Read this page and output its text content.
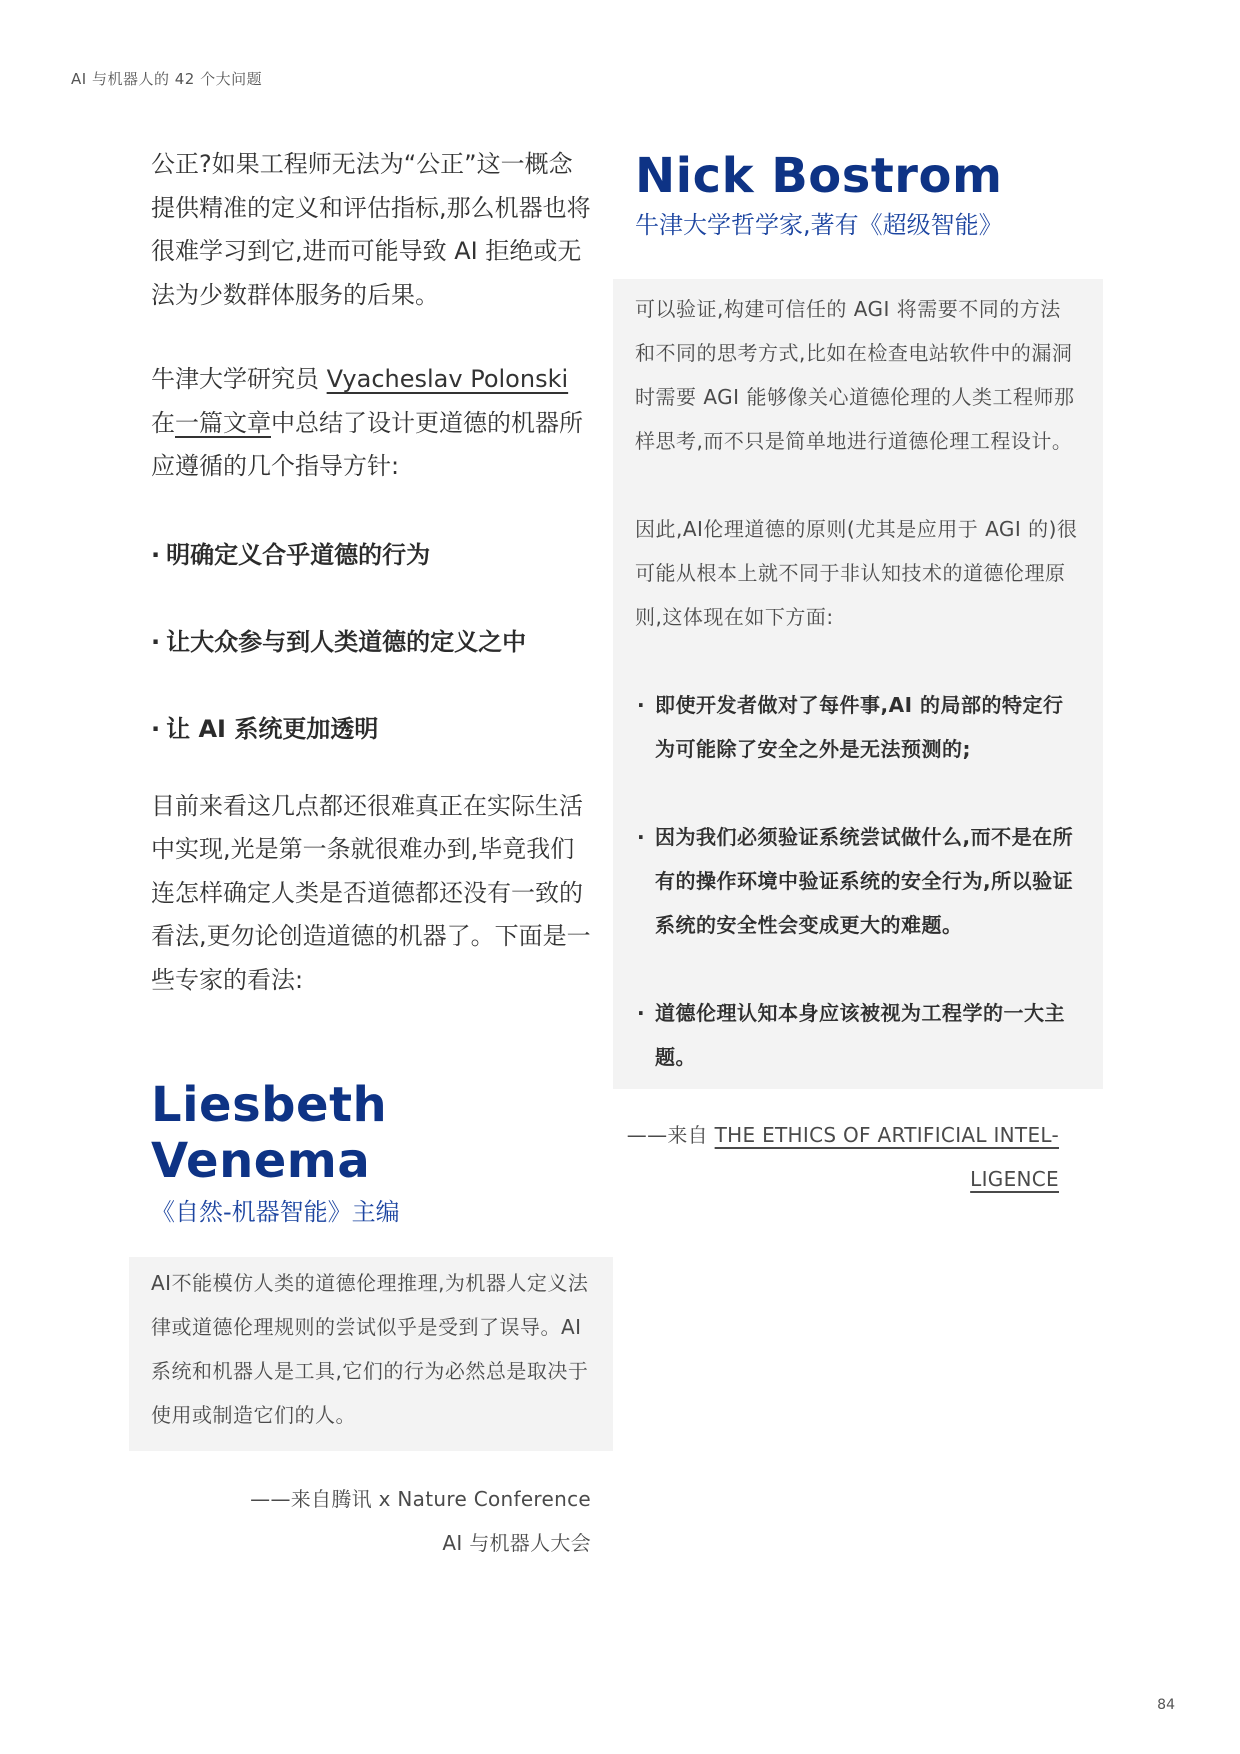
AI 与机器人的 42 个大问题

公正?如果工程师无法为“公正”这一概念提供精准的定义和评估指标,那么机器也将很难学习到它,进而可能导致 AI 拒绝或无法为少数群体服务的后果。

牛津大学研究员 Vyacheslav Polonski 在一篇文章中总结了设计更道德的机器所应遵循的几个指导方针:

· 明确定义合乎道德的行为
· 让大众参与到人类道德的定义之中
· 让 AI 系统更加透明

目前来看这几点都还很难真正在实际生活中实现,光是第一条就很难办到,毕竟我们连怎样确定人类是否道德都还没有一致的看法,更勿论创造道德的机器了。下面是一些专家的看法:

Liesbeth Venema

《自然-机器智能》主编

AI不能模仿人类的道德伦理推理,为机器人定义法律或道德伦理规则的尝试似乎是受到了误导。AI 系统和机器人是工具,它们的行为必然总是取决于使用或制造它们的人。

——来自腾讯 x Nature Conference
AI 与机器人大会
Nick Bostrom

牛津大学哲学家,著有《超级智能》

可以验证,构建可信任的 AGI 将需要不同的方法和不同的思考方式,比如在检查电站软件中的漏洞时需要 AGI 能够像关心道德伦理的人类工程师那样思考,而不只是简单地进行道德伦理工程设计。

因此,AI伦理道德的原则(尤其是应用于 AGI 的)很可能从根本上就不同于非认知技术的道德伦理原则,这体现在如下方面:

· 即使开发者做对了每件事,AI 的局部的特定行为可能除了安全之外是无法预测的;
· 因为我们必须验证系统尝试做什么,而不是在所有的操作环境中验证系统的安全行为,所以验证系统的安全性会变成更大的难题。
· 道德伦理认知本身应该被视为工程学的一大主题。
——来自 THE ETHICS OF ARTIFICIAL INTEL-LIGENCE
84
